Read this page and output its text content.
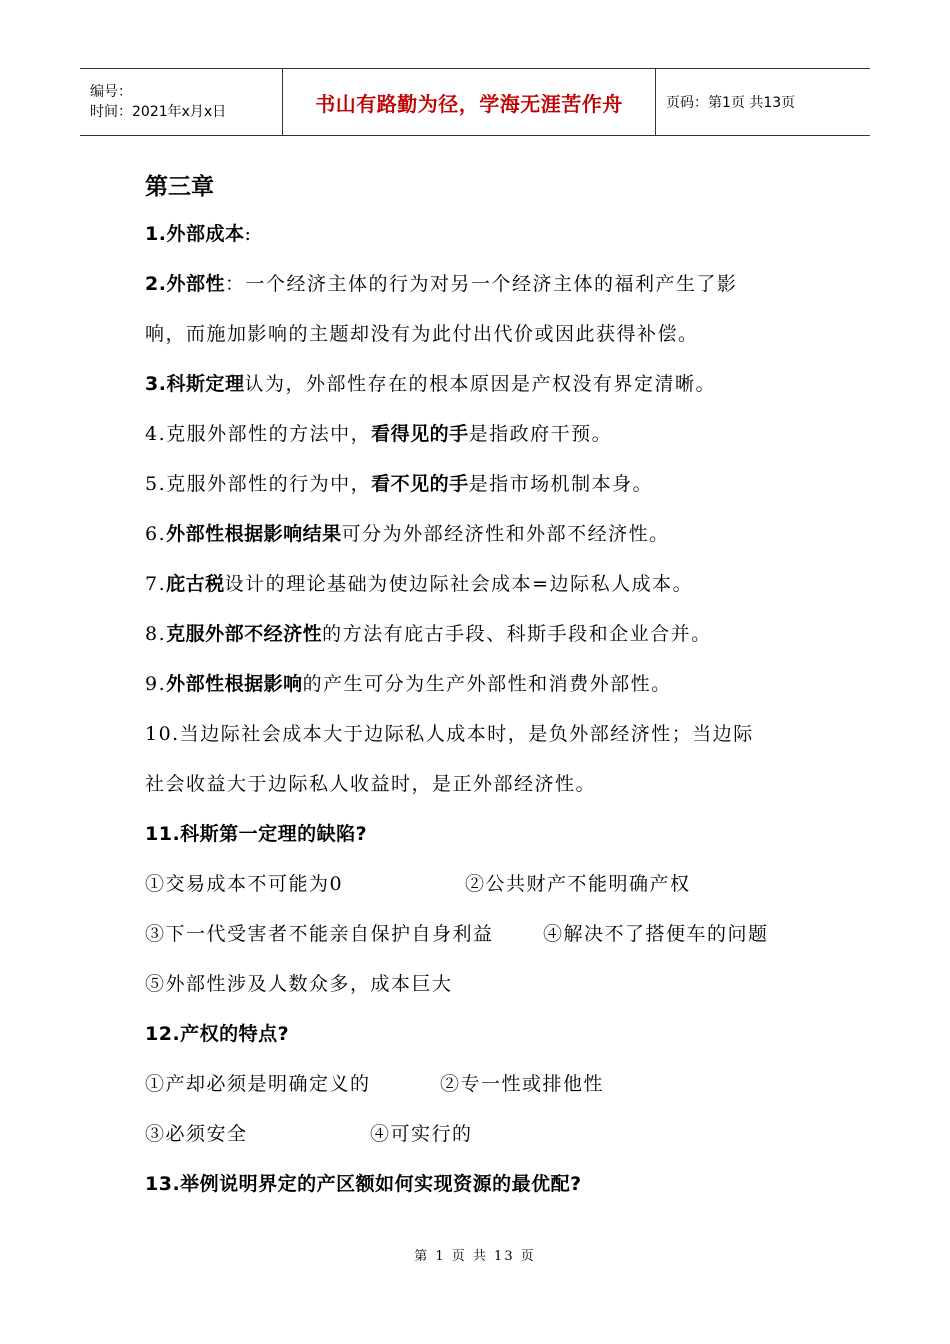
编号：
时间：2021年x月x日	书山有路勤为径，学海无涯苦作舟	页码：第1页 共13页
第三章
1.外部成本:
2.外部性：一个经济主体的行为对另一个经济主体的福利产生了影
响，而施加影响的主题却没有为此付出代价或因此获得补偿。
3.科斯定理认为，外部性存在的根本原因是产权没有界定清晰。
4.克服外部性的方法中，看得见的手是指政府干预。
5.克服外部性的行为中，看不见的手是指市场机制本身。
6.外部性根据影响结果可分为外部经济性和外部不经济性。
7.庇古税设计的理论基础为使边际社会成本=边际私人成本。
8.克服外部不经济性的方法有庇古手段、科斯手段和企业合并。
9.外部性根据影响的产生可分为生产外部性和消费外部性。
10.当边际社会成本大于边际私人成本时，是负外部经济性；当边际
社会收益大于边际私人收益时，是正外部经济性。
11.科斯第一定理的缺陷?
①交易成本不可能为0	②公共财产不能明确产权
③下一代受害者不能亲自保护自身利益	④解决不了搭便车的问题
⑤外部性涉及人数众多，成本巨大
12.产权的特点?
①产却必须是明确定义的	②专一性或排他性
③必须安全	④可实行的
13.举例说明界定的产区额如何实现资源的最优配?
第 1 页 共 13 页
